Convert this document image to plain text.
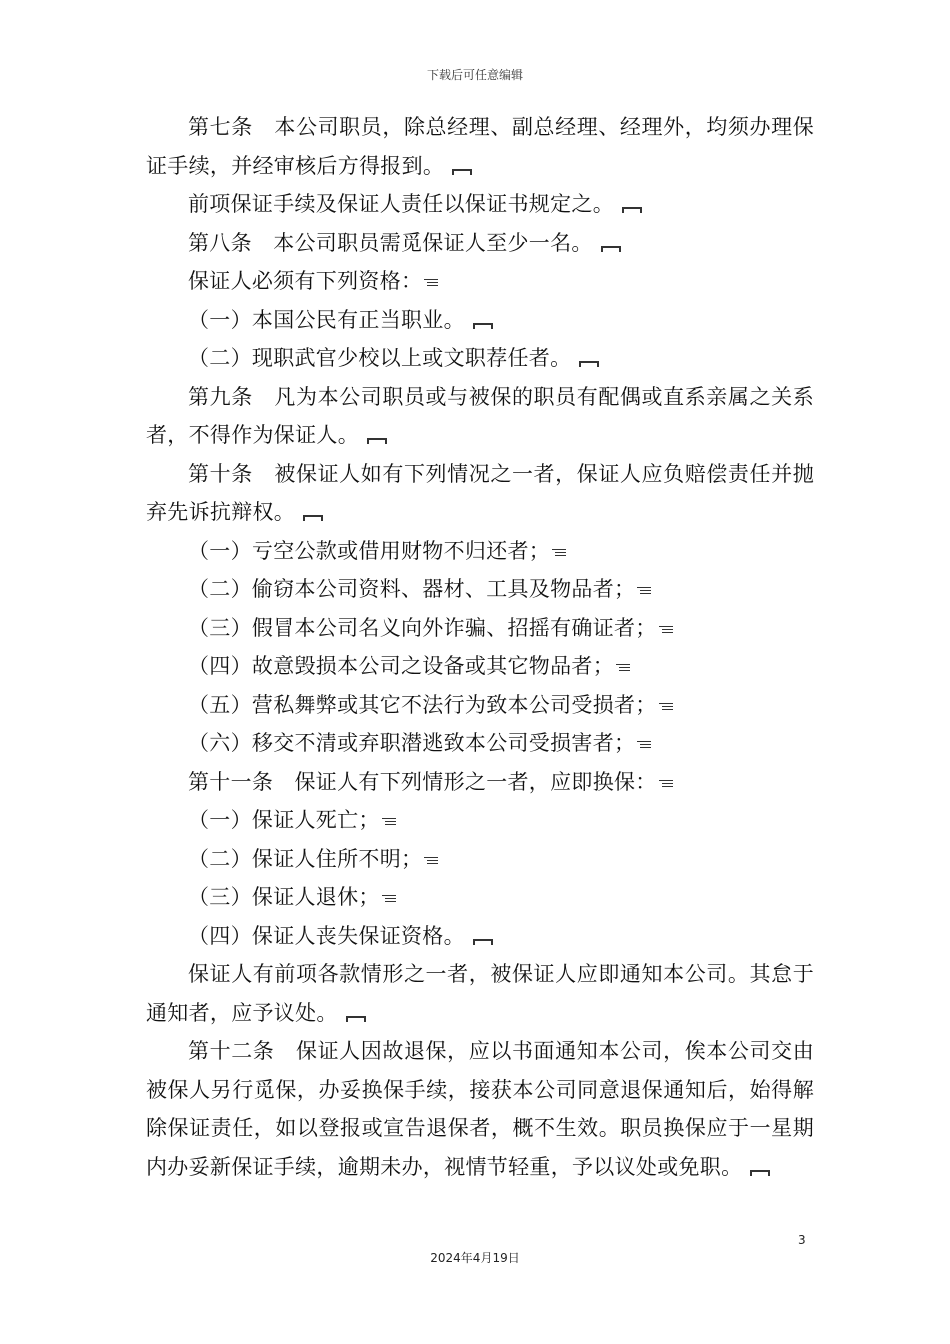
下载后可任意编辑

第七条　本公司职员，除总经理、副总经理、经理外，均须办理保证手续，并经审核后方得报到。

前项保证手续及保证人责任以保证书规定之。

第八条　本公司职员需觅保证人至少一名。

保证人必须有下列资格：

（一）本国公民有正当职业。

（二）现职武官少校以上或文职荐任者。

第九条　凡为本公司职员或与被保的职员有配偶或直系亲属之关系者，不得作为保证人。

第十条　被保证人如有下列情况之一者，保证人应负赔偿责任并抛弃先诉抗辩权。

（一）亏空公款或借用财物不归还者；

（二）偷窃本公司资料、器材、工具及物品者；

（三）假冒本公司名义向外诈骗、招摇有确证者；

（四）故意毁损本公司之设备或其它物品者；

（五）营私舞弊或其它不法行为致本公司受损者；

（六）移交不清或弃职潜逃致本公司受损害者；

第十一条　保证人有下列情形之一者，应即换保：

（一）保证人死亡；

（二）保证人住所不明；

（三）保证人退休；

（四）保证人丧失保证资格。

保证人有前项各款情形之一者，被保证人应即通知本公司。其怠于通知者，应予议处。

第十二条　保证人因故退保，应以书面通知本公司，俟本公司交由被保人另行觅保，办妥换保手续，接获本公司同意退保通知后，始得解除保证责任，如以登报或宣告退保者，概不生效。职员换保应于一星期内办妥新保证手续，逾期未办，视情节轻重，予以议处或免职。

3
2024年4月19日
